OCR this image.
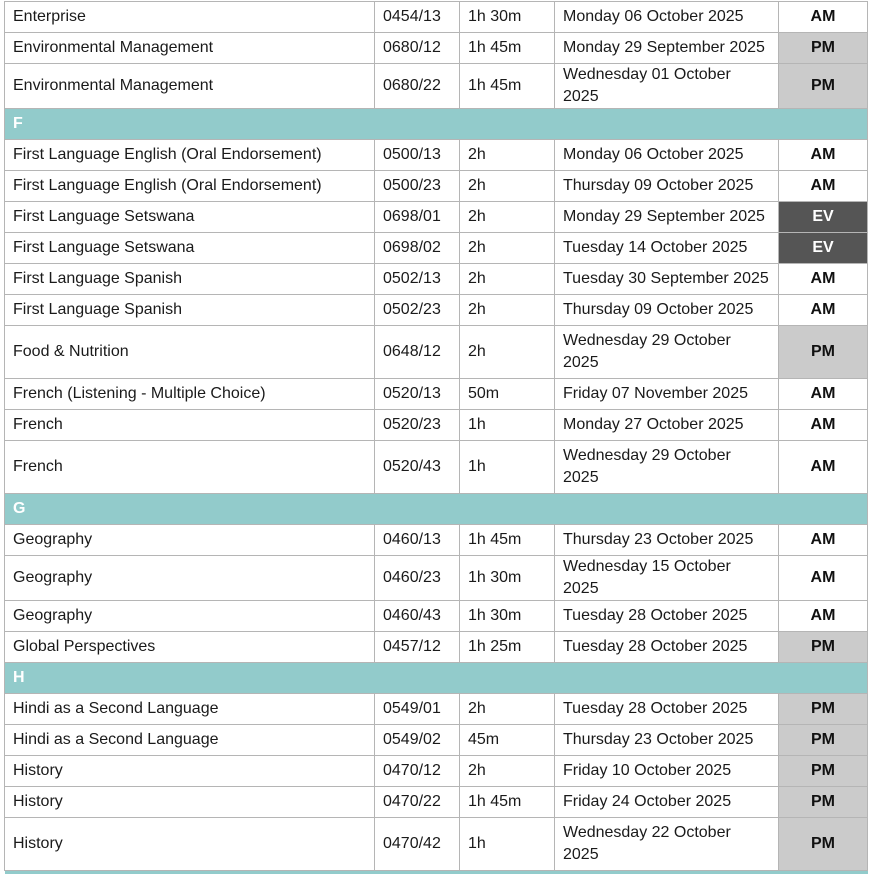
Enterprise	0454/13	1h 30m	Monday 06 October 2025	AM
Environmental Management	0680/12	1h 45m	Monday 29 September 2025	PM
Environmental Management	0680/22	1h 45m	Wednesday 01 October 2025	PM
F				
First Language English (Oral Endorsement)	0500/13	2h	Monday 06 October 2025	AM
First Language English (Oral Endorsement)	0500/23	2h	Thursday 09 October 2025	AM
First Language Setswana	0698/01	2h	Monday 29 September 2025	EV
First Language Setswana	0698/02	2h	Tuesday 14 October 2025	EV
First Language Spanish	0502/13	2h	Tuesday 30 September 2025	AM
First Language Spanish	0502/23	2h	Thursday 09 October 2025	AM
Food & Nutrition	0648/12	2h	Wednesday 29 October 2025	PM
French (Listening - Multiple Choice)	0520/13	50m	Friday 07 November 2025	AM
French	0520/23	1h	Monday 27 October 2025	AM
French	0520/43	1h	Wednesday 29 October 2025	AM
G				
Geography	0460/13	1h 45m	Thursday 23 October 2025	AM
Geography	0460/23	1h 30m	Wednesday 15 October 2025	AM
Geography	0460/43	1h 30m	Tuesday 28 October 2025	AM
Global Perspectives	0457/12	1h 25m	Tuesday 28 October 2025	PM
H				
Hindi as a Second Language	0549/01	2h	Tuesday 28 October 2025	PM
Hindi as a Second Language	0549/02	45m	Thursday 23 October 2025	PM
History	0470/12	2h	Friday 10 October 2025	PM
History	0470/22	1h 45m	Friday 24 October 2025	PM
History	0470/42	1h	Wednesday 22 October 2025	PM
